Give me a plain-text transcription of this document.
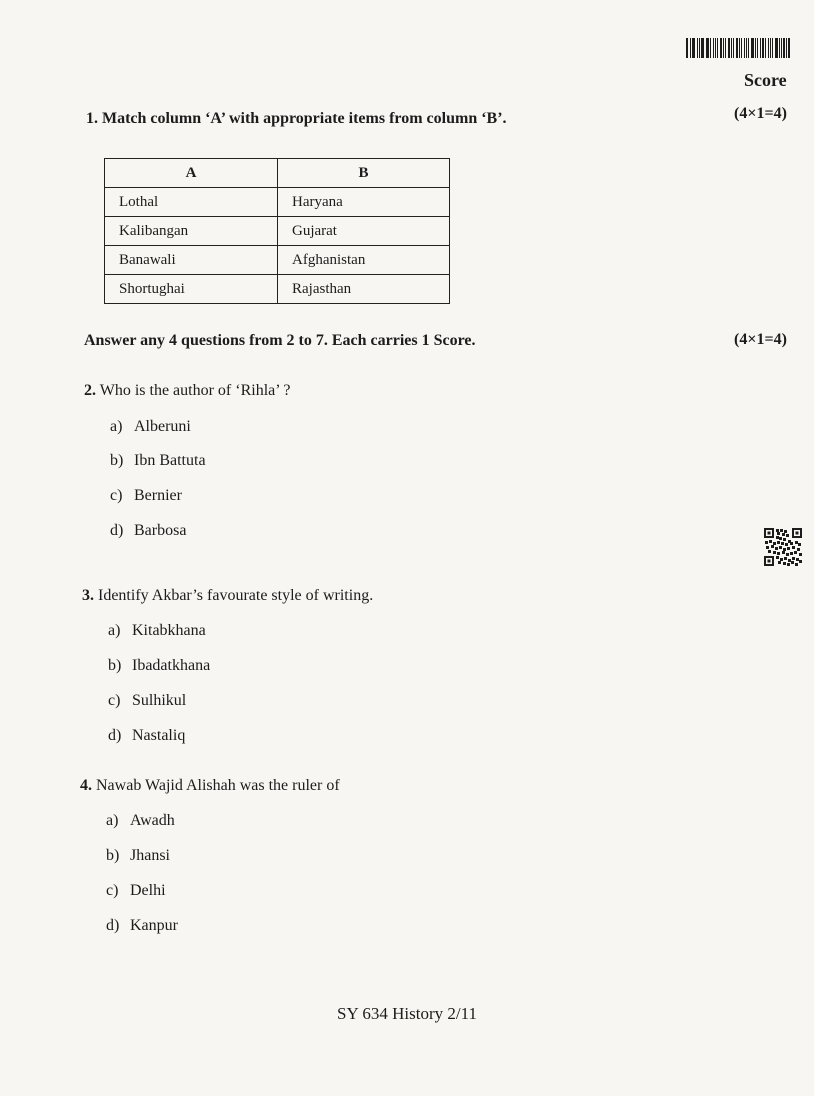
Score
1. Match column ‘A’ with appropriate items from column ‘B’.	(4×1=4)
A	B
Lothal	Haryana
Kalibangan	Gujarat
Banawali	Afghanistan
Shortughai	Rajasthan
Answer any 4 questions from 2 to 7. Each carries 1 Score.	(4×1=4)
2. Who is the author of ‘Rihla’ ?
a) Alberuni
b) Ibn Battuta
c) Bernier
d) Barbosa
3. Identify Akbar’s favourate style of writing.
a) Kitabkhana
b) Ibadatkhana
c) Sulhikul
d) Nastaliq
4. Nawab Wajid Alishah was the ruler of
a) Awadh
b) Jhansi
c) Delhi
d) Kanpur
SY 634 History 2/11
